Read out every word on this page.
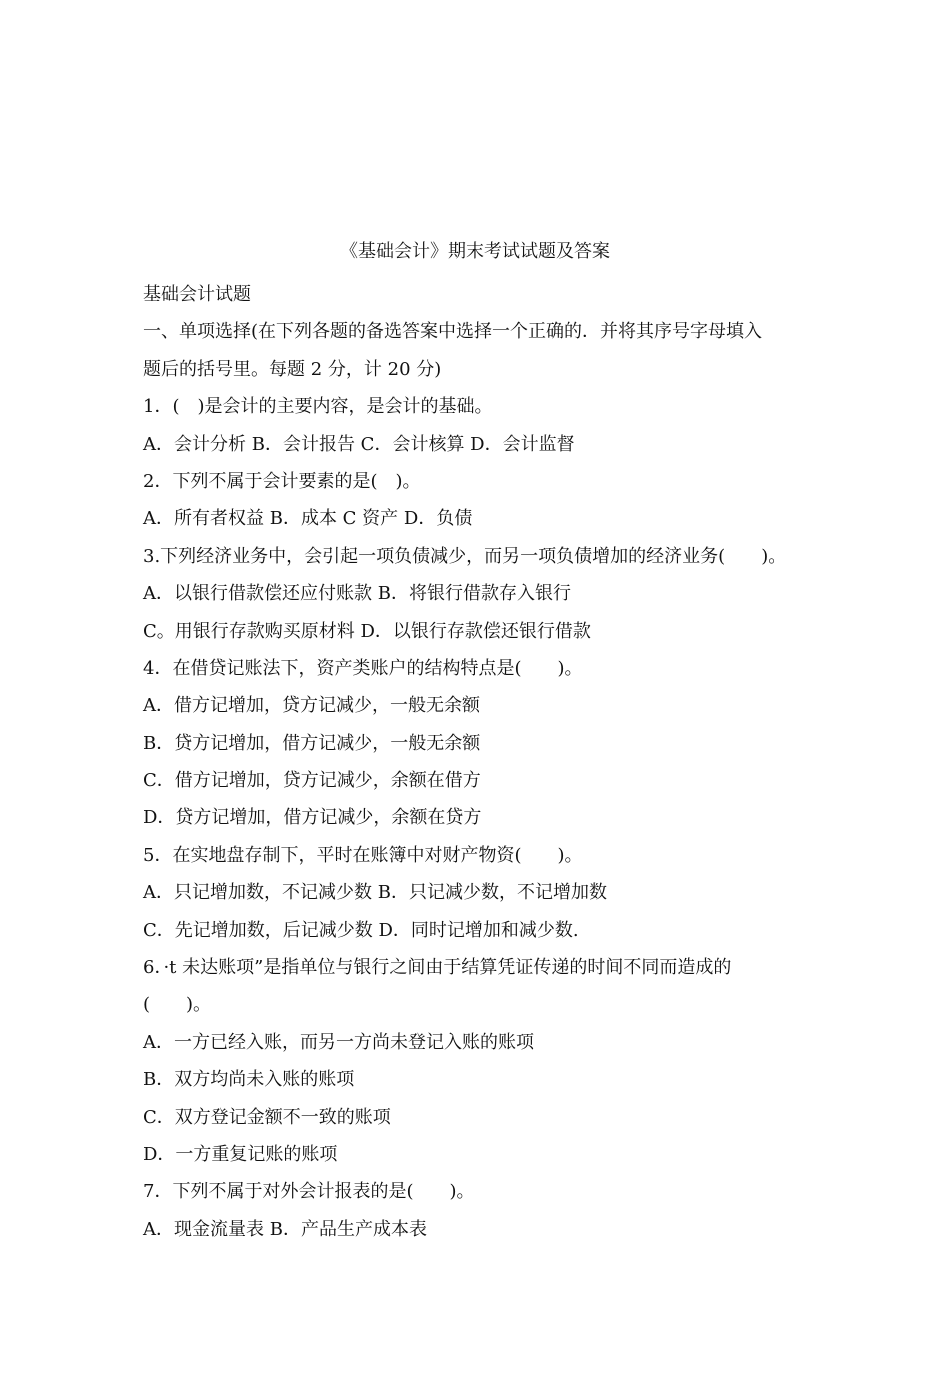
《基础会计》期末考试试题及答案
基础会计试题
一、单项选择(在下列各题的备选答案中选择一个正确的．并将其序号字母填入
题后的括号里。每题 2 分，计 20 分)
1．(　)是会计的主要内容，是会计的基础。
A．会计分析 B．会计报告 C．会计核算 D．会计监督
2．下列不属于会计要素的是(　)。
A．所有者权益 B．成本 C 资产 D．负债
3.下列经济业务中，会引起一项负债减少，而另一项负债增加的经济业务(　　)。
A．以银行借款偿还应付账款 B．将银行借款存入银行
C。用银行存款购买原材料 D．以银行存款偿还银行借款
4．在借贷记账法下，资产类账户的结构特点是(　　)。
A．借方记增加，贷方记减少，一般无余额
B．贷方记增加，借方记减少，一般无余额
C．借方记增加，贷方记减少，余额在借方
D．贷方记增加，借方记减少，余额在贷方
5．在实地盘存制下，平时在账簿中对财产物资(　　)。
A．只记增加数，不记减少数 B．只记减少数，不记增加数
C．先记增加数，后记减少数 D．同时记增加和减少数.
6．·t 未达账项”是指单位与银行之间由于结算凭证传递的时间不同而造成的
(　　)。
A．一方已经入账，而另一方尚未登记入账的账项
B．双方均尚未入账的账项
C．双方登记金额不一致的账项
D．一方重复记账的账项
7．下列不属于对外会计报表的是(　　)。
A．现金流量表 B．产品生产成本表
